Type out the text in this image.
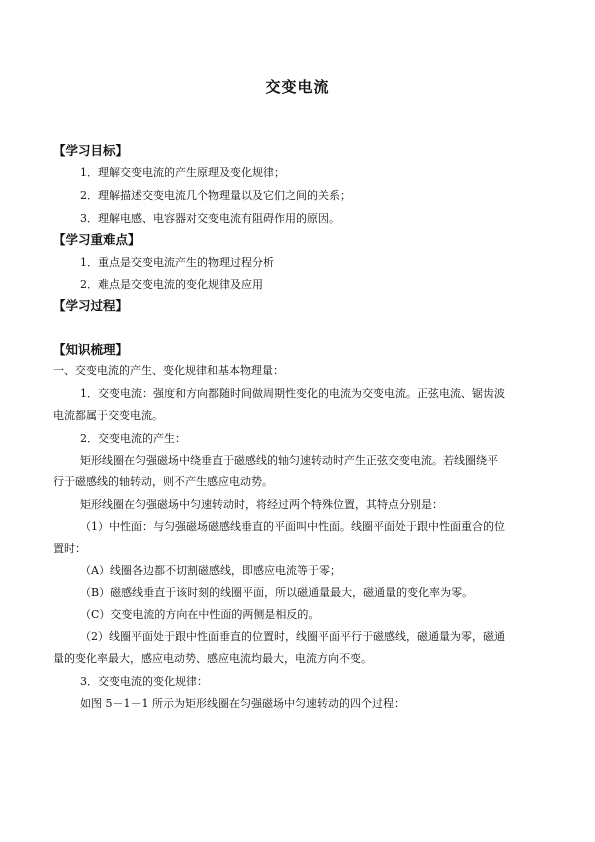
交变电流
【学习目标】
1．理解交变电流的产生原理及变化规律；
2．理解描述交变电流几个物理量以及它们之间的关系；
3．理解电感、电容器对交变电流有阻碍作用的原因。
【学习重难点】
1．重点是交变电流产生的物理过程分析
2．难点是交变电流的变化规律及应用
【学习过程】
【知识梳理】
一、交变电流的产生、变化规律和基本物理量：
1．交变电流：强度和方向都随时间做周期性变化的电流为交变电流。正弦电流、锯齿波
电流都属于交变电流。
2．交变电流的产生：
矩形线圈在匀强磁场中绕垂直于磁感线的轴匀速转动时产生正弦交变电流。若线圈绕平
行于磁感线的轴转动，则不产生感应电动势。
矩形线圈在匀强磁场中匀速转动时，将经过两个特殊位置，其特点分别是：
（1）中性面：与匀强磁场磁感线垂直的平面叫中性面。线圈平面处于跟中性面重合的位
置时：
（A）线圈各边都不切割磁感线，即感应电流等于零；
（B）磁感线垂直于该时刻的线圈平面，所以磁通量最大，磁通量的变化率为零。
（C）交变电流的方向在中性面的两侧是相反的。
（2）线圈平面处于跟中性面垂直的位置时，线圈平面平行于磁感线，磁通量为零，磁通
量的变化率最大，感应电动势、感应电流均最大，电流方向不变。
3．交变电流的变化规律：
如图 5－1－1 所示为矩形线圈在匀强磁场中匀速转动的四个过程：
